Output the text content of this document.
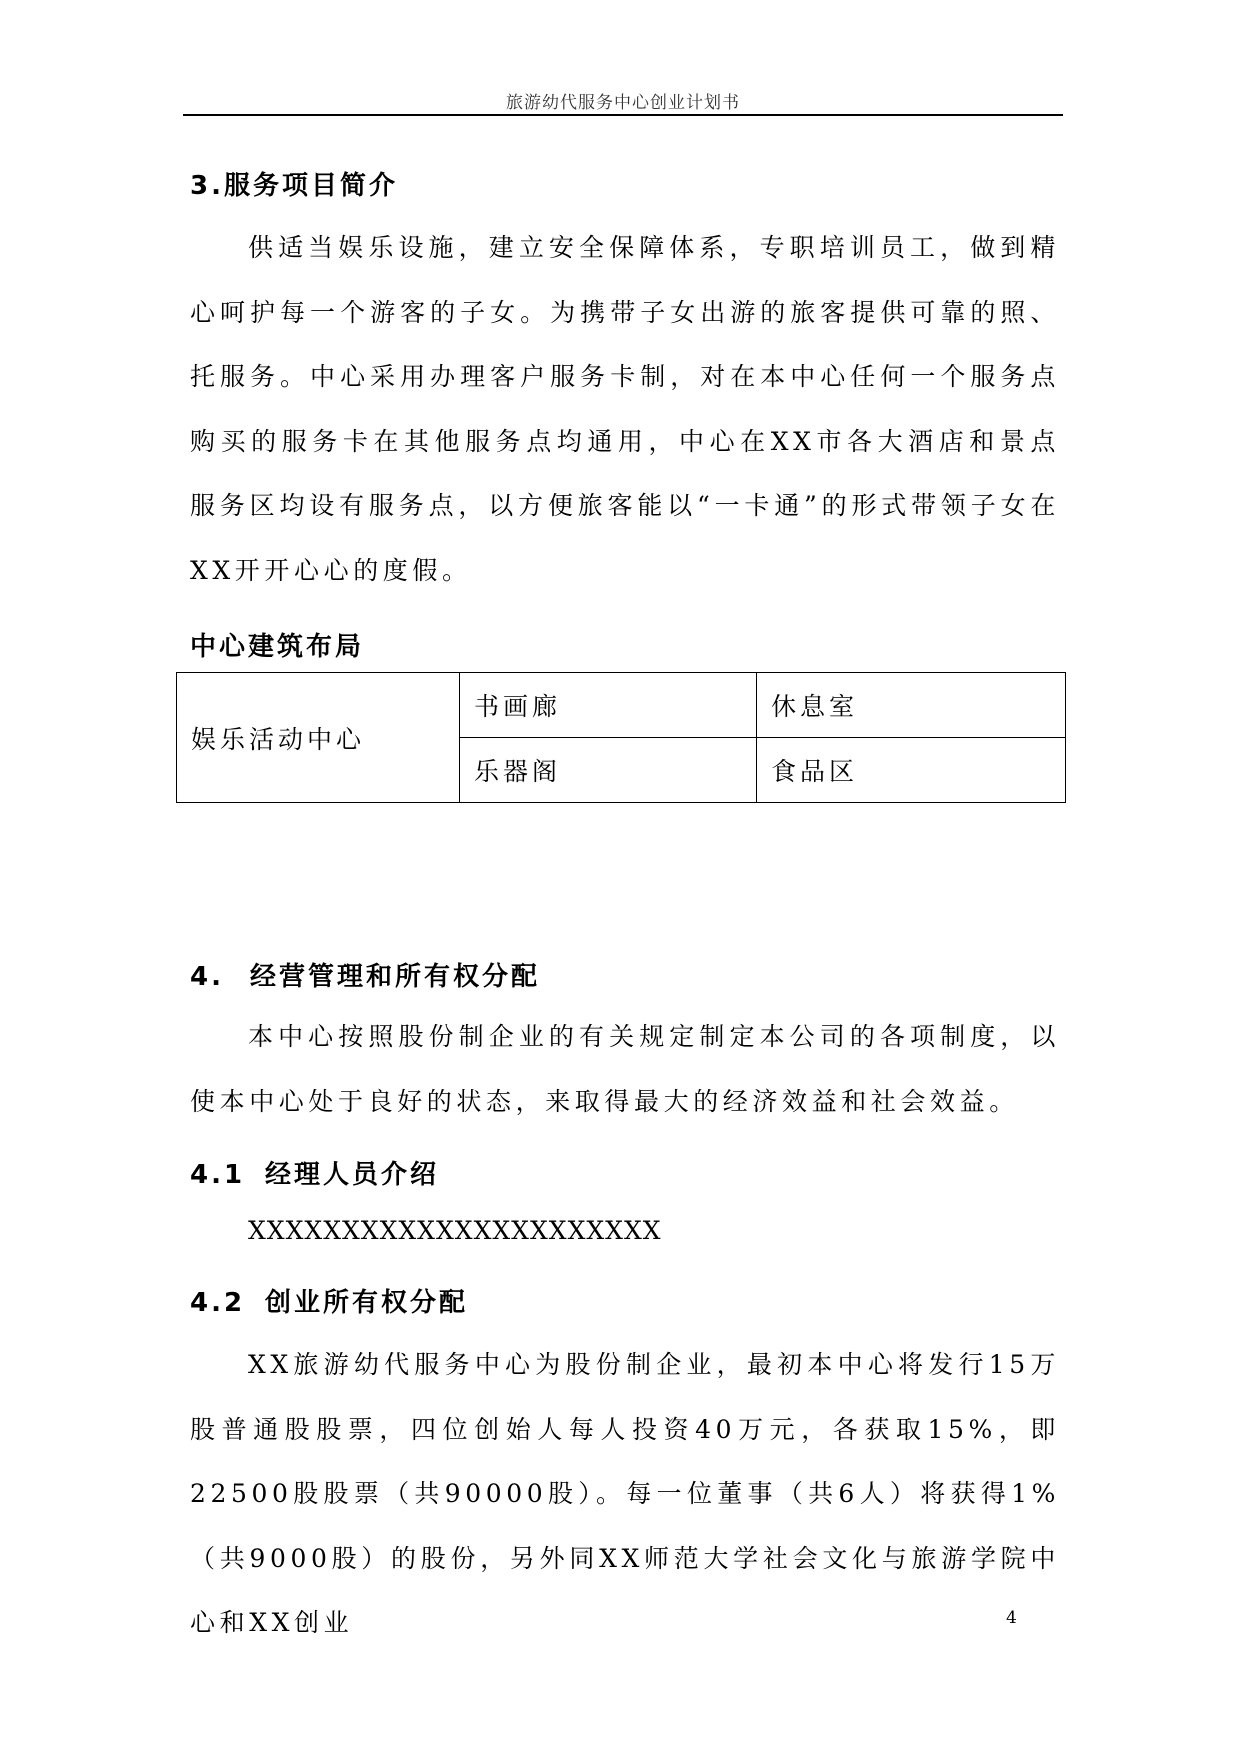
旅游幼代服务中心创业计划书
3.服务项目简介
供适当娱乐设施，建立安全保障体系，专职培训员工，做到精心呵护每一个游客的子女。为携带子女出游的旅客提供可靠的照、托服务。中心采用办理客户服务卡制，对在本中心任何一个服务点购买的服务卡在其他服务点均通用，中心在XX市各大酒店和景点服务区均设有服务点，以方便旅客能以“一卡通”的形式带领子女在XX开开心心的度假。
中心建筑布局
娱乐活动中心	书画廊	休息室
	乐器阁	食品区
4. 经营管理和所有权分配
本中心按照股份制企业的有关规定制定本公司的各项制度，以使本中心处于良好的状态，来取得最大的经济效益和社会效益。
4.1 经理人员介绍
XXXXXXXXXXXXXXXXXXXXXX
4.2 创业所有权分配
XX旅游幼代服务中心为股份制企业，最初本中心将发行15万股普通股股票，四位创始人每人投资40万元，各获取15%，即22500股股票（共90000股）。每一位董事（共6人）将获得1%（共9000股）的股份，另外同XX师范大学社会文化与旅游学院中心和XX创业	4
